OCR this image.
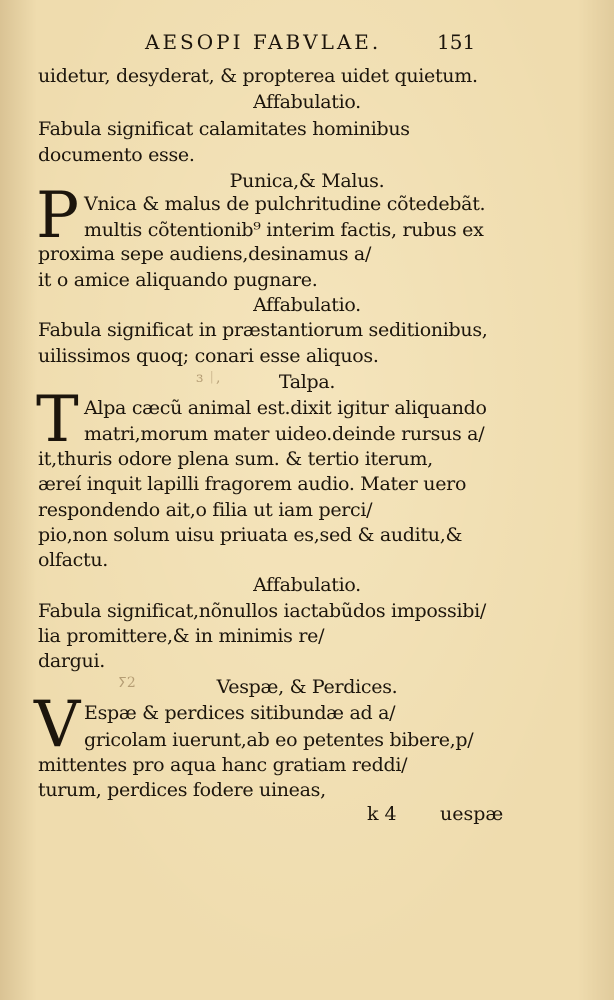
AESOPI FABVLAE.	151
uidetur, desyderat, & propterea uidet quietum.
Affabulatio.
Fabula significat calamitates hominibus
documento esse.
Punica,& Malus.
P Vnica & malus de pulchritudine cõtedebãt.
multis cõtentionib⁹ interim factis, rubus ex
proxima sepe audiens,desinamus a/
it o amice aliquando pugnare.
Affabulatio.
Fabula significat in præstantiorum seditionibus,
uilissimos quoq; conari esse aliquos.
ɜ ᛁ,	Talpa.
T Alpa cæcũ animal est.dixit igitur aliquando
matri,morum mater uideo.deinde rursus a/
it,thuris odore plena sum. & tertio iterum,
æreí inquit lapilli fragorem audio. Mater uero
respondendo ait,o filia ut iam perci/
pio,non solum uisu priuata es,sed & auditu,&
olfactu.
Affabulatio.
Fabula significat,nõnullos iactabũdos impossibi/
lia promittere,& in minimis re/
dargui.
ⵢ2	Vespæ, & Perdices.
V Espæ & perdices sitibundæ ad a/
gricolam iuerunt,ab eo petentes bibere,p/
mittentes pro aqua hanc gratiam reddi/
turum, perdices fodere uineas,
k 4 uespæ
